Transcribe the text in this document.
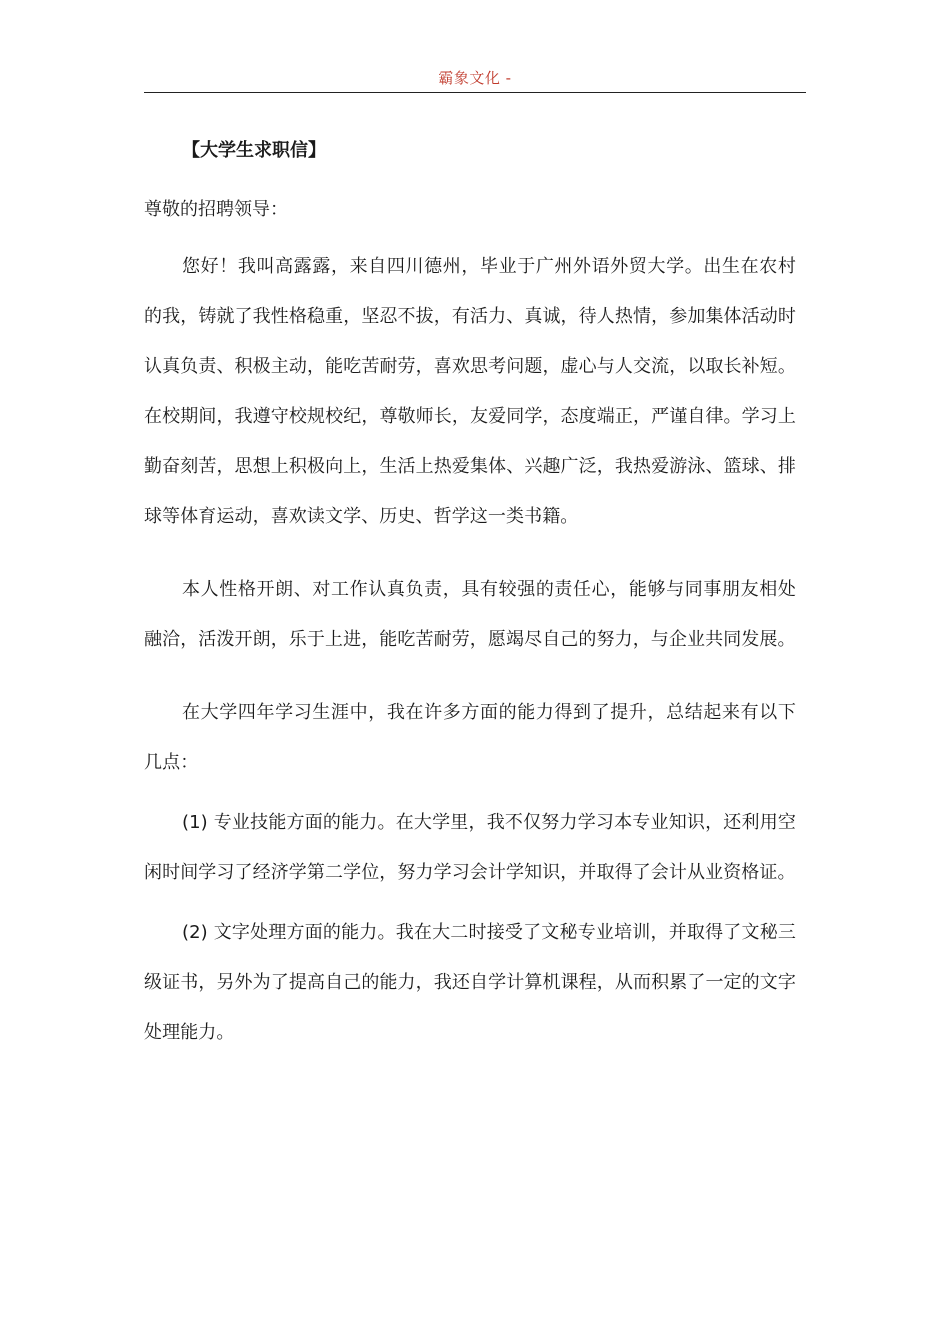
霸象文化 -
【大学生求职信】
尊敬的招聘领导：

您好！我叫高露露，来自四川德州，毕业于广州外语外贸大学。出生在农村的我，铸就了我性格稳重，坚忍不拔，有活力、真诚，待人热情，参加集体活动时认真负责、积极主动，能吃苦耐劳，喜欢思考问题，虚心与人交流，以取长补短。在校期间，我遵守校规校纪，尊敬师长，友爱同学，态度端正，严谨自律。学习上勤奋刻苦，思想上积极向上，生活上热爱集体、兴趣广泛，我热爱游泳、篮球、排球等体育运动，喜欢读文学、历史、哲学这一类书籍。

本人性格开朗、对工作认真负责，具有较强的责任心，能够与同事朋友相处融洽，活泼开朗，乐于上进，能吃苦耐劳，愿竭尽自己的努力，与企业共同发展。

在大学四年学习生涯中，我在许多方面的能力得到了提升，总结起来有以下几点：

(1) 专业技能方面的能力。在大学里，我不仅努力学习本专业知识，还利用空闲时间学习了经济学第二学位，努力学习会计学知识，并取得了会计从业资格证。

(2) 文字处理方面的能力。我在大二时接受了文秘专业培训，并取得了文秘三级证书，另外为了提高自己的能力，我还自学计算机课程，从而积累了一定的文字处理能力。
